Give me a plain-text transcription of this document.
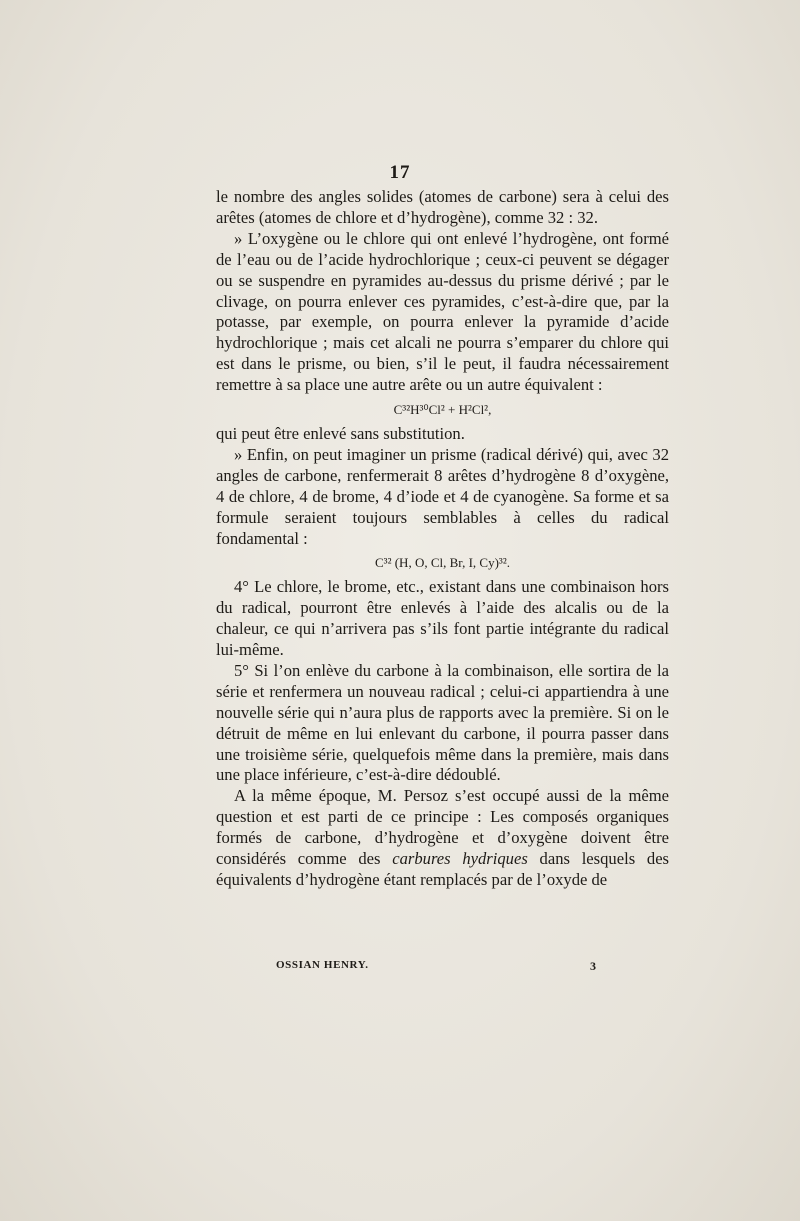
17

le nombre des angles solides (atomes de carbone) sera à celui des arêtes (atomes de chlore et d’hydrogène), comme 32 : 32.

» L’oxygène ou le chlore qui ont enlevé l’hydrogène, ont formé de l’eau ou de l’acide hydrochlorique ; ceux-ci peuvent se dégager ou se suspendre en pyramides au-dessus du prisme dérivé ; par le clivage, on pourra enlever ces pyramides, c’est-à-dire que, par la potasse, par exemple, on pourra enlever la pyramide d’acide hydrochlorique ; mais cet alcali ne pourra s’emparer du chlore qui est dans le prisme, ou bien, s’il le peut, il faudra nécessairement remettre à sa place une autre arête ou un autre équivalent :

C³²H³⁰Cl² + H²Cl²,

qui peut être enlevé sans substitution.

» Enfin, on peut imaginer un prisme (radical dérivé) qui, avec 32 angles de carbone, renfermerait 8 arêtes d’hydrogène 8 d’oxygène, 4 de chlore, 4 de brome, 4 d’iode et 4 de cyanogène. Sa forme et sa formule seraient toujours semblables à celles du radical fondamental :

C³² (H, O, Cl, Br, I, Cy)³².

4° Le chlore, le brome, etc., existant dans une combinaison hors du radical, pourront être enlevés à l’aide des alcalis ou de la chaleur, ce qui n’arrivera pas s’ils font partie intégrante du radical lui-même.

5° Si l’on enlève du carbone à la combinaison, elle sortira de la série et renfermera un nouveau radical ; celui-ci appartiendra à une nouvelle série qui n’aura plus de rapports avec la première. Si on le détruit de même en lui enlevant du carbone, il pourra passer dans une troisième série, quelquefois même dans la première, mais dans une place inférieure, c’est-à-dire dédoublé.

A la même époque, M. Persoz s’est occupé aussi de la même question et est parti de ce principe : Les composés organiques formés de carbone, d’hydrogène et d’oxygène doivent être considérés comme des carbures hydriques dans lesquels des équivalents d’hydrogène étant remplacés par de l’oxyde de

OSSIAN HENRY.	3
